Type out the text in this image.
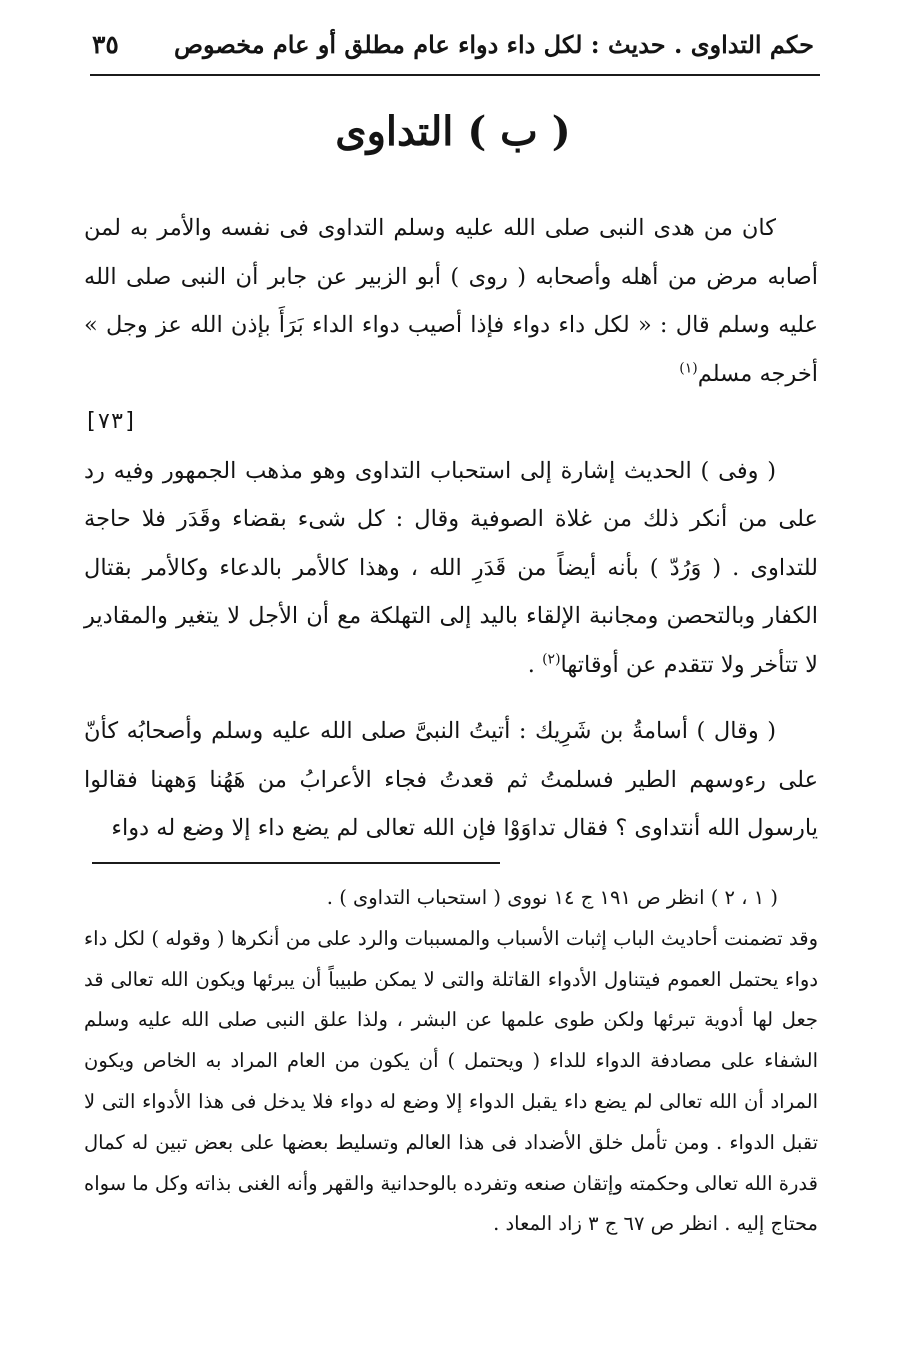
حكم التداوى . حديث : لكل داء دواء عام مطلق أو عام مخصوص
٣٥
( ب ) التداوى

كان من هدى النبى صلى الله عليه وسلم التداوى فى نفسه والأمر به لمن أصابه مرض من أهله وأصحابه ( روى ) أبو الزبير عن جابر أن النبى صلى الله عليه وسلم قال : « لكل داء دواء فإذا أصيب دواء الداء بَرَأَ بإذن الله عز وجل » أخرجه مسلم$^{(١)}$

[٧٣]

( وفى ) الحديث إشارة إلى استحباب التداوى وهو مذهب الجمهور وفيه رد على من أنكر ذلك من غلاة الصوفية وقال : كل شىء بقضاء وقَدَر فلا حاجة للتداوى . ( وَرُدّ ) بأنه أيضاً من قَدَرِ الله ، وهذا كالأمر بالدعاء وكالأمر بقتال الكفار وبالتحصن ومجانبة الإلقاء باليد إلى التهلكة مع أن الأجل لا يتغير والمقادير لا تتأخر ولا تتقدم عن أوقاتها$^{(٢)}$ .

( وقال ) أسامةُ بن شَرِيك : أتيتُ النبىَّ صلى الله عليه وسلم وأصحابُه كأنّ على رءوسهم الطير فسلمتُ ثم قعدتُ فجاء الأعرابُ من هَهُنا وَههنا فقالوا يارسول الله أنتداوى ؟ فقال تداوَوْا فإن الله تعالى لم يضع داء إلا وضع له دواء

( ١ ، ٢ ) انظر ص ١٩١ ج ١٤ نووى ( استحباب التداوى ) .

وقد تضمنت أحاديث الباب إثبات الأسباب والمسببات والرد على من أنكرها ( وقوله ) لكل داء دواء يحتمل العموم فيتناول الأدواء القاتلة والتى لا يمكن طبيباً أن يبرئها ويكون الله تعالى قد جعل لها أدوية تبرئها ولكن طوى علمها عن البشر ، ولذا علق النبى صلى الله عليه وسلم الشفاء على مصادفة الدواء للداء ( ويحتمل ) أن يكون من العام المراد به الخاص ويكون المراد أن الله تعالى لم يضع داء يقبل الدواء إلا وضع له دواء فلا يدخل فى هذا الأدواء التى لا تقبل الدواء . ومن تأمل خلق الأضداد فى هذا العالم وتسليط بعضها على بعض تبين له كمال قدرة الله تعالى وحكمته وإتقان صنعه وتفرده بالوحدانية والقهر وأنه الغنى بذاته وكل ما سواه محتاج إليه . انظر ص ٦٧ ج ٣ زاد المعاد .
